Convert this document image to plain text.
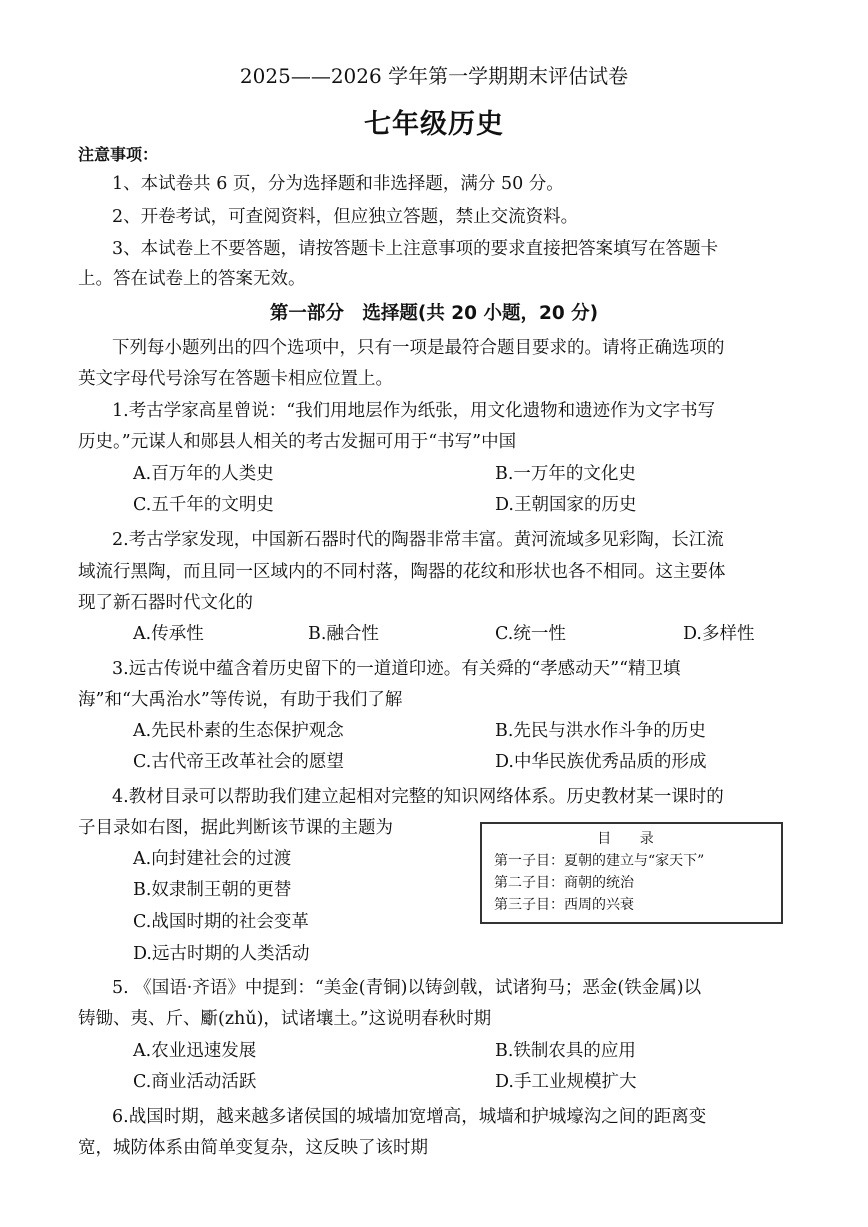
2025——2026 学年第一学期期末评估试卷
七年级历史
注意事项：
1、本试卷共 6 页，分为选择题和非选择题，满分 50 分。
2、开卷考试，可查阅资料，但应独立答题，禁止交流资料。
3、本试卷上不要答题，请按答题卡上注意事项的要求直接把答案填写在答题卡
上。答在试卷上的答案无效。
第一部分　选择题(共 20 小题，20 分)
下列每小题列出的四个选项中，只有一项是最符合题目要求的。请将正确选项的
英文字母代号涂写在答题卡相应位置上。
1.考古学家高星曾说：“我们用地层作为纸张，用文化遗物和遗迹作为文字书写
历史。”元谋人和郧县人相关的考古发掘可用于“书写”中国
A.百万年的人类史	B.一万年的文化史
C.五千年的文明史	D.王朝国家的历史
2.考古学家发现，中国新石器时代的陶器非常丰富。黄河流域多见彩陶，长江流
域流行黑陶，而且同一区域内的不同村落，陶器的花纹和形状也各不相同。这主要体
现了新石器时代文化的
A.传承性	B.融合性	C.统一性	D.多样性
3.远古传说中蕴含着历史留下的一道道印迹。有关舜的“孝感动天”“精卫填
海”和“大禹治水”等传说，有助于我们了解
A.先民朴素的生态保护观念	B.先民与洪水作斗争的历史
C.古代帝王改革社会的愿望	D.中华民族优秀品质的形成
4.教材目录可以帮助我们建立起相对完整的知识网络体系。历史教材某一课时的
子目录如右图，据此判断该节课的主题为
A.向封建社会的过渡
B.奴隶制王朝的更替
C.战国时期的社会变革
D.远古时期的人类活动
目 录
第一子目：夏朝的建立与“家天下”
第二子目：商朝的统治
第三子目：西周的兴衰
5. 《国语·齐语》中提到：“美金(青铜)以铸剑戟，试诸狗马；恶金(铁金属)以
铸锄、夷、斤、斸(zhǔ)，试诸壤土。”这说明春秋时期
A.农业迅速发展	B.铁制农具的应用
C.商业活动活跃	D.手工业规模扩大
6.战国时期，越来越多诸侯国的城墙加宽增高，城墙和护城壕沟之间的距离变
宽，城防体系由简单变复杂，这反映了该时期
